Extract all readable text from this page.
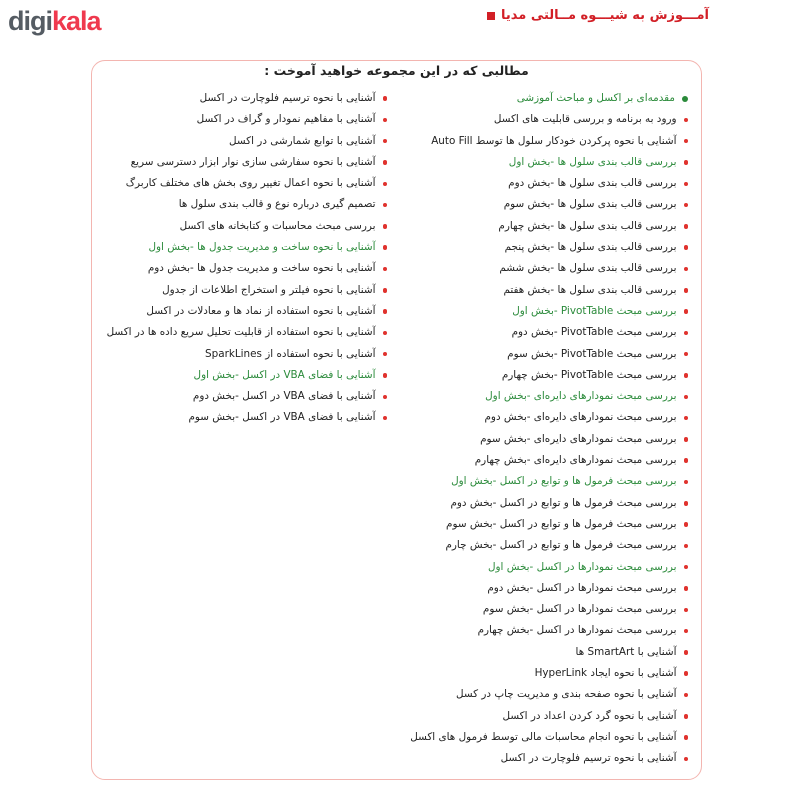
digikala	آمـــوزش به شیـــوه مــالتی مدیا
مطالبی که در این مجموعه خواهید آموخت :
مقدمه‌ای بر اکسل و مباحث آموزشی
ورود به برنامه و بررسی قابلیت های اکسل
آشنایی با نحوه پرکردن خودکار سلول ها توسط Auto Fill
بررسی قالب بندی سلول ها -بخش اول
بررسی قالب بندی سلول ها -بخش دوم
بررسی قالب بندی سلول ها -بخش سوم
بررسی قالب بندی سلول ها -بخش چهارم
بررسی قالب بندی سلول ها -بخش پنجم
بررسی قالب بندی سلول ها -بخش ششم
بررسی قالب بندی سلول ها -بخش هفتم
بررسی مبحث PivotTable -بخش اول
بررسی مبحث PivotTable -بخش دوم
بررسی مبحث PivotTable -بخش سوم
بررسی مبحث PivotTable -بخش چهارم
بررسی مبحث نمودارهای دایره‌ای -بخش اول
بررسی مبحث نمودارهای دایره‌ای -بخش دوم
بررسی مبحث نمودارهای دایره‌ای -بخش سوم
بررسی مبحث نمودارهای دایره‌ای -بخش چهارم
بررسی مبحث فرمول ها و توابع در اکسل -بخش اول
بررسی مبحث فرمول ها و توابع در اکسل -بخش دوم
بررسی مبحث فرمول ها و توابع در اکسل -بخش سوم
بررسی مبحث فرمول ها و توابع در اکسل -بخش چارم
بررسی مبحث نمودارها در اکسل -بخش اول
بررسی مبحث نمودارها در اکسل -بخش دوم
بررسی مبحث نمودارها در اکسل -بخش سوم
بررسی مبحث نمودارها در اکسل -بخش چهارم
آشنایی با SmartArt ها
آشنایی با نحوه ایجاد HyperLink
آشنایی با نحوه صفحه بندی و مدیریت چاپ در کسل
آشنایی با نحوه گرد کردن اعداد در اکسل
آشنایی با نحوه انجام محاسبات مالی توسط فرمول های اکسل
آشنایی با نحوه ترسیم فلوچارت در اکسل
آشنایی با نحوه ترسیم فلوچارت در اکسل
آشنایی با مفاهیم نمودار و گراف در اکسل
آشنایی با توابع شمارشی در اکسل
آشنایی با نحوه سفارشی سازی نوار ابزار دسترسی سریع
آشنایی با نحوه اعمال تغییر روی بخش های مختلف کاربرگ
تصمیم گیری درباره نوع و قالب بندی سلول ها
بررسی مبحث محاسبات و کتابخانه های اکسل
آشنایی با نحوه ساخت و مدیریت جدول ها -بخش اول
آشنایی با نحوه ساخت و مدیریت جدول ها -بخش دوم
آشنایی با نحوه فیلتر و استخراج اطلاعات از جدول
آشنایی با نحوه استفاده از نماد ها و معادلات در اکسل
آشنایی با نحوه استفاده از قابلیت تحلیل سریع داده ها در اکسل
آشنایی با نحوه استفاده از SparkLines
آشنایی با فضای VBA در اکسل -بخش اول
آشنایی با فضای VBA در اکسل -بخش دوم
آشنایی با فضای VBA در اکسل -بخش سوم
